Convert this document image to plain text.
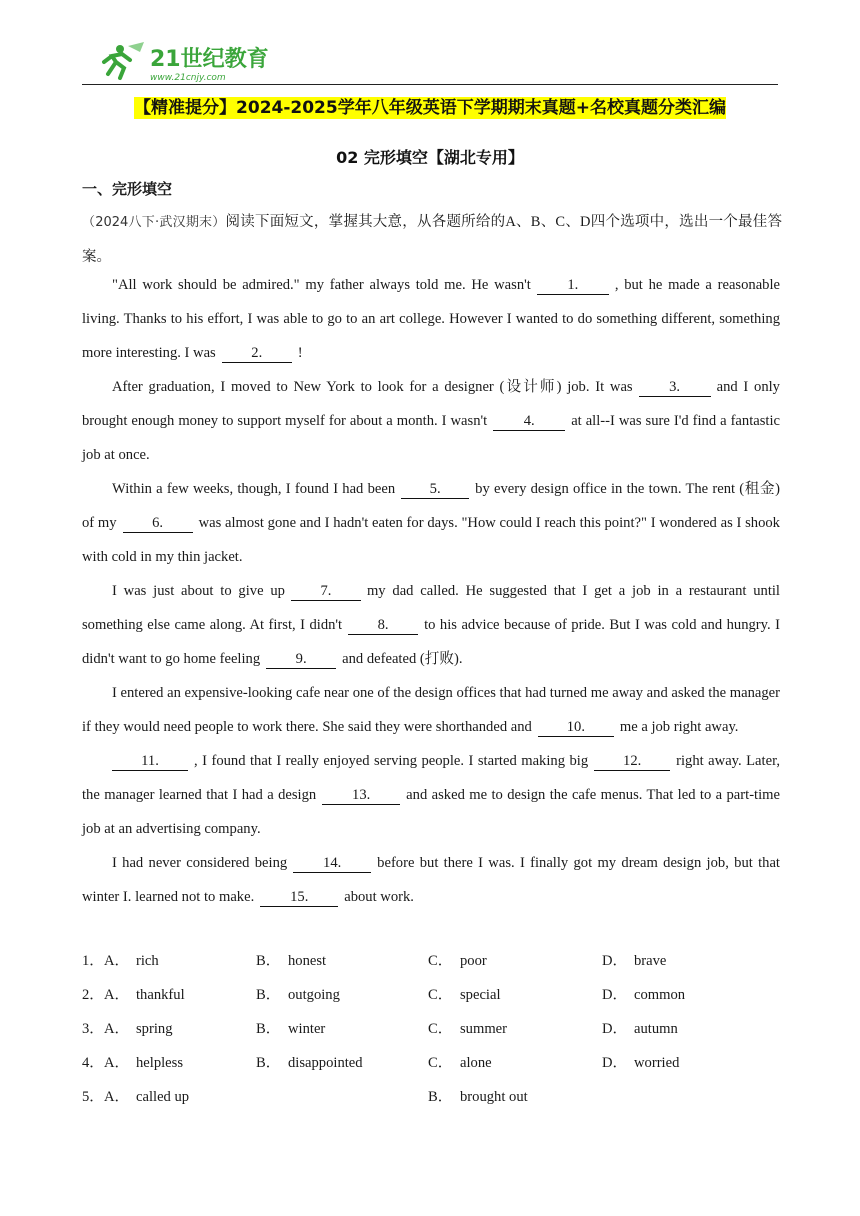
21世纪教育
www.21cnjy.com
【精准提分】2024-2025学年八年级英语下学期期末真题+名校真题分类汇编
02 完形填空【湖北专用】
一、完形填空
（2024八下·武汉期末）阅读下面短文，掌握其大意，从各题所给的A、B、C、D四个选项中，选出一个最佳答案。

"All work should be admired." my father always told me. He wasn't	1.	, but he made a reasonable living. Thanks to his effort, I was able to go to an art college. However I wanted to do something different, something more interesting. I was 2. !

After graduation, I moved to New York to look for a designer (设计师) job. It was	3.	and I only brought enough money to support myself for about a month. I wasn't	4.	at all--I was sure I'd find a fantastic job at once.

Within a few weeks, though, I found I had been 5. by every design office in the town. The rent (租金) of my 6. was almost gone and I hadn't eaten for days. "How could I reach this point?" I wondered as I shook with cold in my thin jacket.

I was just about to give up 7. my dad called. He suggested that I get a job in a restaurant until something else came along. At first, I didn't 8. to his advice because of pride. But I was cold and hungry. I didn't want to go home feeling 9. and defeated (打败).

I entered an expensive-looking cafe near one of the design offices that had turned me away and asked the manager if they would need people to work there. She said they were shorthanded and 10. me a job right away.

11. , I found that I really enjoyed serving people. I started making big 12. right away. Later, the manager learned that I had a design 13. and asked me to design the cafe menus. That led to a part-time job at an advertising company.

I had never considered being 14. before but there I was. I finally got my dream design job, but that winter I. learned not to make. 15. about work.

1． A． rich	B． honest	C． poor	D． brave
2． A． thankful	B． outgoing	C． special	D． common
3． A． spring	B． winter	C． summer	D． autumn
4． A． helpless	B． disappointed	C． alone	D． worried
5． A． called up	B． brought out
